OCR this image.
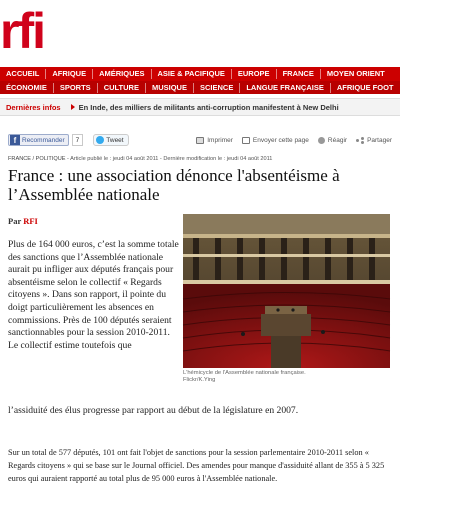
rfi
ACCUEIL	AFRIQUE	AMÉRIQUES	ASIE & PACIFIQUE	EUROPE	FRANCE	MOYEN ORIENT
ÉCONOMIE	SPORTS	CULTURE	MUSIQUE	SCIENCE	LANGUE FRANÇAISE	AFRIQUE FOOT	PROGRAMMES
Dernières infos	En Inde, des milliers de militants anti-corruption manifestent à New Delhi
f Recommander	7	Tweet	Imprimer	Envoyer cette page	Réagir	Partager
FRANCE / POLITIQUE - Article publié le : jeudi 04 août 2011 - Dernière modification le : jeudi 04 août 2011
France : une association dénonce l'absentéisme à l’Assemblée nationale
Par RFI
L'hémicycle de l'Assemblée nationale française.
Flickr/K.Ying

Plus de 164 000 euros, c’est la somme totale des sanctions que l’Assemblée nationale aurait pu infliger aux députés français pour absentéisme selon le collectif « Regards citoyens ». Dans son rapport, il pointe du doigt particulièrement les absences en commissions. Près de 100 députés seraient sanctionnables pour la session 2010-2011. Le collectif estime toutefois que

l’assiduité des élus progresse par rapport au début de la législature en 2007.

Sur un total de 577 députés, 101 ont fait l'objet de sanctions pour la session parlementaire 2010-2011 selon « Regards citoyens » qui se base sur le Journal officiel. Des amendes pour manque d'assiduité allant de 355 à 5 325 euros qui auraient rapporté au total plus de 95 000 euros à l'Assemblée nationale.
